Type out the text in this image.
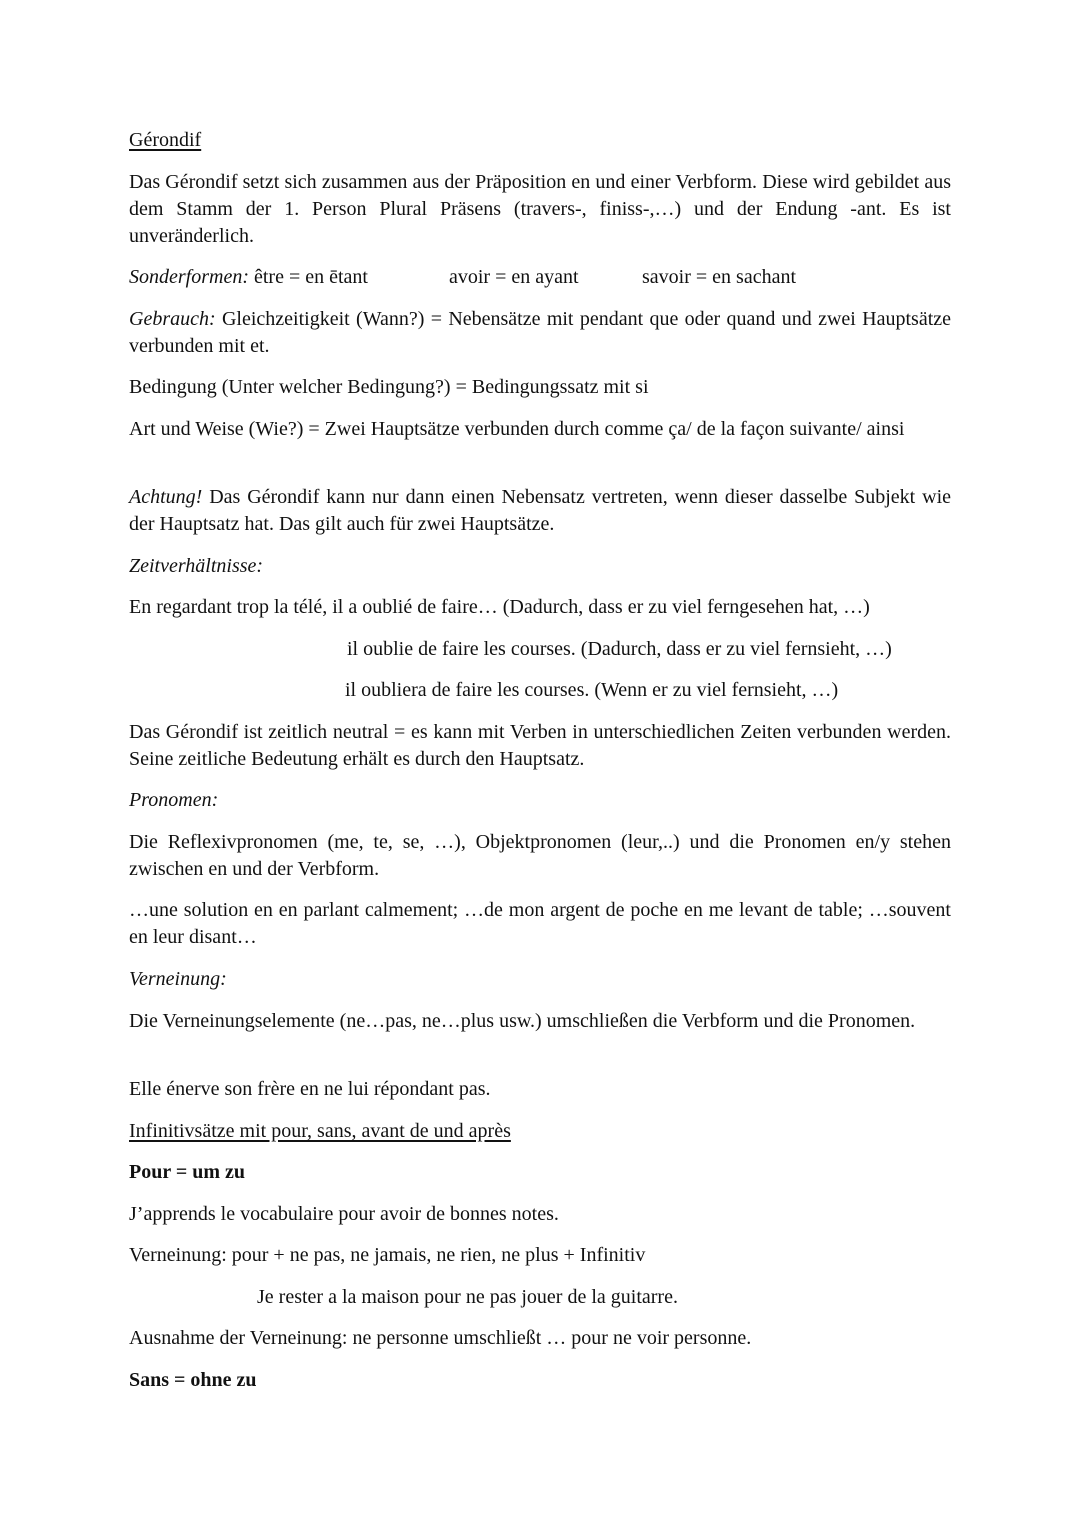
Gérondif
Das Gérondif setzt sich zusammen aus der Präposition en und einer Verbform. Diese wird gebildet aus dem Stamm der 1. Person Plural Präsens (travers-, finiss-,…) und der Endung -ant. Es ist unveränderlich.
Sonderformen: être = en ētant	avoir = en ayant	savoir = en sachant
Gebrauch: Gleichzeitigkeit (Wann?) = Nebensätze mit pendant que oder quand und zwei Hauptsätze verbunden mit et.
Bedingung (Unter welcher Bedingung?) = Bedingungssatz mit si
Art und Weise (Wie?) = Zwei Hauptsätze verbunden durch comme ça/ de la façon suivante/ ainsi
Achtung! Das Gérondif kann nur dann einen Nebensatz vertreten, wenn dieser dasselbe Subjekt wie der Hauptsatz hat. Das gilt auch für zwei Hauptsätze.
Zeitverhältnisse:
En regardant trop la télé, il a oublié de faire… (Dadurch, dass er zu viel ferngesehen hat, …)
il oublie de faire les courses. (Dadurch, dass er zu viel fernsieht, …)
il oubliera de faire les courses. (Wenn er zu viel fernsieht, …)
Das Gérondif ist zeitlich neutral = es kann mit Verben in unterschiedlichen Zeiten verbunden werden. Seine zeitliche Bedeutung erhält es durch den Hauptsatz.
Pronomen:
Die Reflexivpronomen (me, te, se, …), Objektpronomen (leur,..) und die Pronomen en/y stehen zwischen en und der Verbform.
…une solution en en parlant calmement; …de mon argent de poche en me levant de table; …souvent en leur disant…
Verneinung:
Die Verneinungselemente (ne…pas, ne…plus usw.) umschließen die Verbform und die Pronomen.
Elle énerve son frère en ne lui répondant pas.
Infinitivsätze mit pour, sans, avant de und après
Pour = um zu
J’apprends le vocabulaire pour avoir de bonnes notes.
Verneinung: pour + ne pas, ne jamais, ne rien, ne plus + Infinitiv
Je rester a la maison pour ne pas jouer de la guitarre.
Ausnahme der Verneinung: ne personne umschließt … pour ne voir personne.
Sans = ohne zu
